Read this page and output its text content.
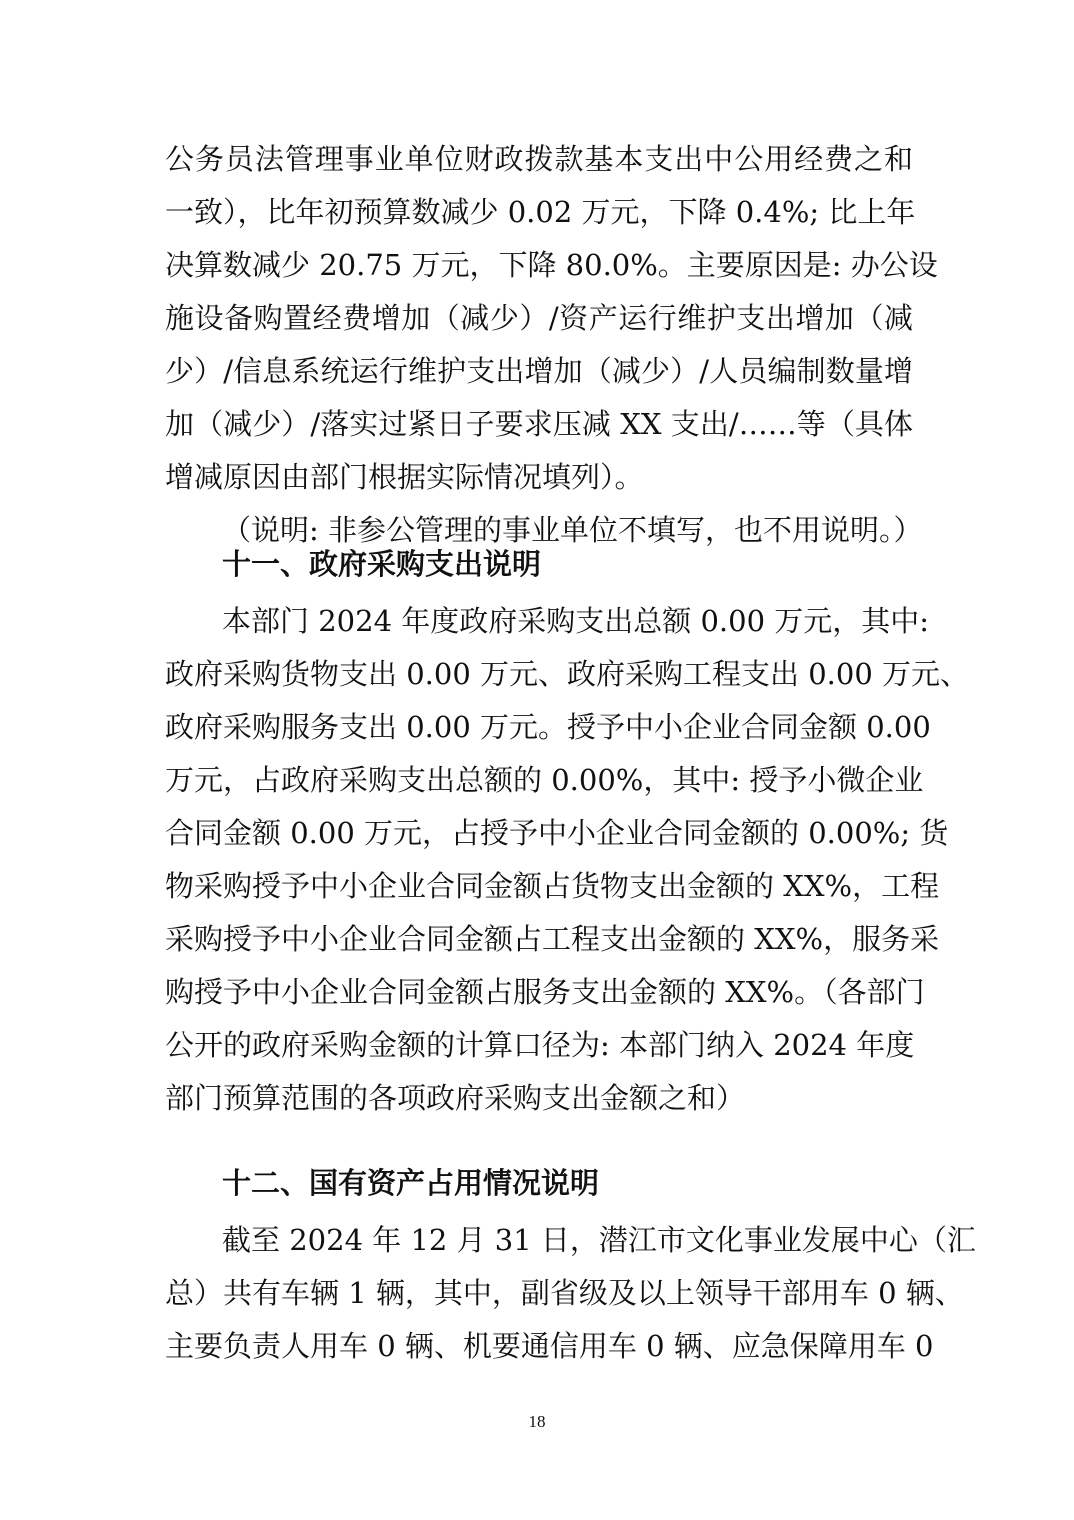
公务员法管理事业单位财政拨款基本支出中公用经费之和
一致），比年初预算数减少 0.02 万元，下降 0.4%; 比上年
决算数减少 20.75 万元，下降 80.0%。主要原因是: 办公设
施设备购置经费增加（减少）/资产运行维护支出增加（减
少）/信息系统运行维护支出增加（减少）/人员编制数量增
加（减少）/落实过紧日子要求压减 XX 支出/……等（具体
增减原因由部门根据实际情况填列）。
（说明: 非参公管理的事业单位不填写，也不用说明。）
十一、政府采购支出说明
本部门 2024 年度政府采购支出总额 0.00 万元，其中:
政府采购货物支出 0.00 万元、政府采购工程支出 0.00 万元、
政府采购服务支出 0.00 万元。授予中小企业合同金额 0.00
万元，占政府采购支出总额的 0.00%，其中: 授予小微企业
合同金额 0.00 万元，占授予中小企业合同金额的 0.00%; 货
物采购授予中小企业合同金额占货物支出金额的 XX%，工程
采购授予中小企业合同金额占工程支出金额的 XX%，服务采
购授予中小企业合同金额占服务支出金额的 XX%。（各部门
公开的政府采购金额的计算口径为: 本部门纳入 2024 年度
部门预算范围的各项政府采购支出金额之和）
十二、国有资产占用情况说明
截至 2024 年 12 月 31 日，潜江市文化事业发展中心（汇
总）共有车辆 1 辆，其中，副省级及以上领导干部用车 0 辆、
主要负责人用车 0 辆、机要通信用车 0 辆、应急保障用车 0
18
